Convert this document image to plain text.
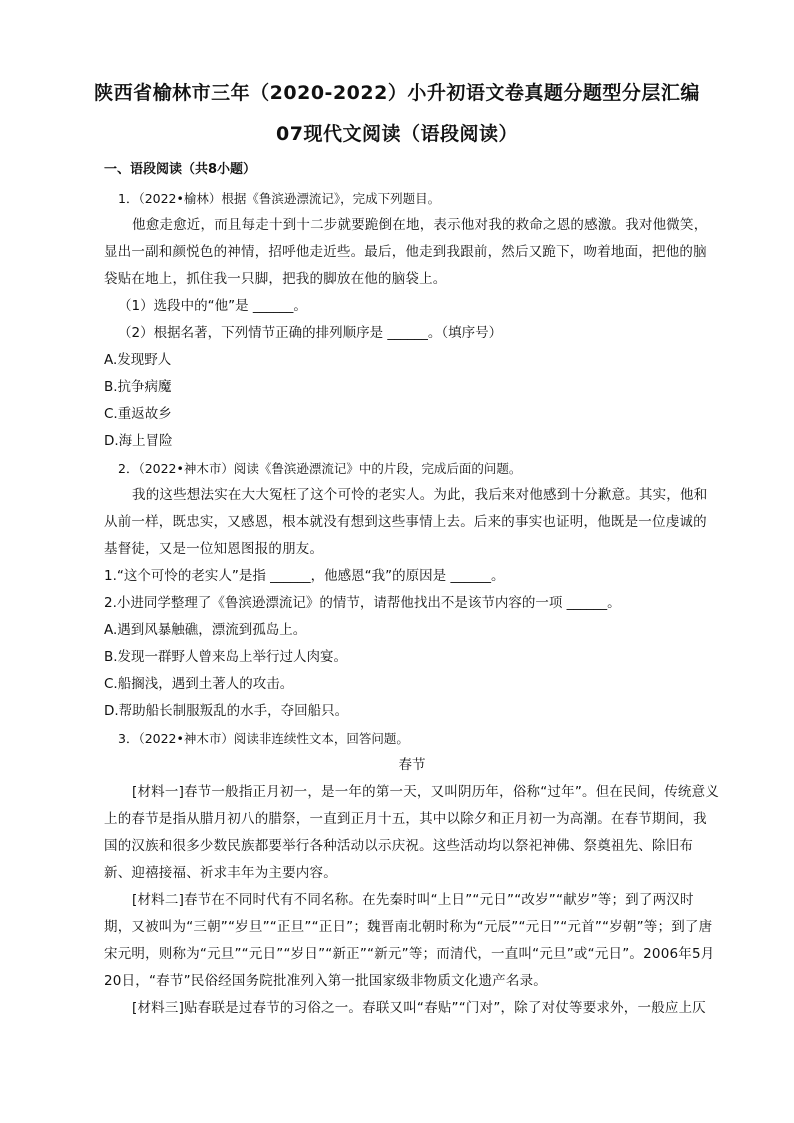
陕西省榆林市三年（2020-2022）小升初语文卷真题分题型分层汇编
07现代文阅读（语段阅读）
一、语段阅读（共8小题）

1．（2022•榆林）根据《鲁滨逊漂流记》，完成下列题目。

他愈走愈近，而且每走十到十二步就要跪倒在地，表示他对我的救命之恩的感激。我对他微笑，显出一副和颜悦色的神情，招呼他走近些。最后，他走到我跟前，然后又跪下，吻着地面，把他的脑袋贴在地上，抓住我一只脚，把我的脚放在他的脑袋上。

（1）选段中的“他”是 ______。

（2）根据名著，下列情节正确的排列顺序是 ______。（填序号）

A.发现野人

B.抗争病魔

C.重返故乡

D.海上冒险

2．（2022•神木市）阅读《鲁滨逊漂流记》中的片段，完成后面的问题。

我的这些想法实在大大冤枉了这个可怜的老实人。为此，我后来对他感到十分歉意。其实，他和从前一样，既忠实，又感恩，根本就没有想到这些事情上去。后来的事实也证明，他既是一位虔诚的基督徒，又是一位知恩图报的朋友。

1.“这个可怜的老实人”是指 ______，他感恩“我”的原因是 ______。

2.小进同学整理了《鲁滨逊漂流记》的情节，请帮他找出不是该节内容的一项 ______。

A.遇到风暴触礁，漂流到孤岛上。

B.发现一群野人曾来岛上举行过人肉宴。

C.船搁浅，遇到土著人的攻击。

D.帮助船长制服叛乱的水手，夺回船只。

3．（2022•神木市）阅读非连续性文本，回答问题。

春节

[材料一]春节一般指正月初一，是一年的第一天，又叫阴历年，俗称“过年”。但在民间，传统意义上的春节是指从腊月初八的腊祭，一直到正月十五，其中以除夕和正月初一为高潮。在春节期间，我国的汉族和很多少数民族都要举行各种活动以示庆祝。这些活动均以祭祀神佛、祭奠祖先、除旧布新、迎禧接福、祈求丰年为主要内容。

[材料二]春节在不同时代有不同名称。在先秦时叫“上日”“元日”“改岁”“献岁”等；到了两汉时期，又被叫为“三朝”“岁旦”“正旦”“正日”；魏晋南北朝时称为“元辰”“元日”“元首”“岁朝”等；到了唐宋元明，则称为“元旦”“元日”“岁日”“新正”“新元”等；而清代，一直叫“元旦”或“元日”。2006年5月20日，“春节”民俗经国务院批准列入第一批国家级非物质文化遗产名录。

[材料三]贴春联是过春节的习俗之一。春联又叫“春贴”“门对”，除了对仗等要求外，一般应上仄
